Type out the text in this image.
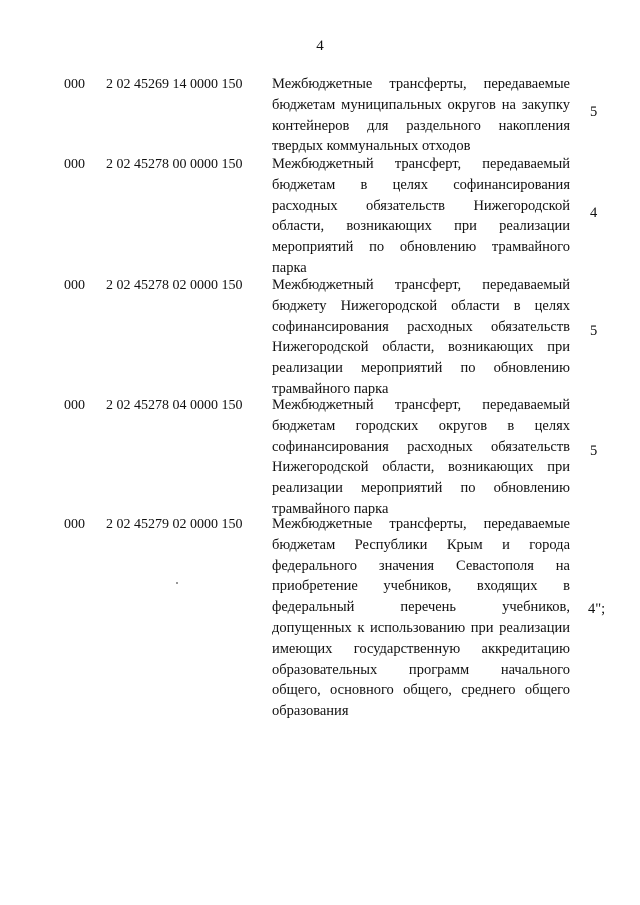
4
000 2 02 45269 14 0000 150 Межбюджетные трансферты, передаваемые
бюджетам муниципальных округов на закупку
контейнеров для раздельного накопления
твердых коммунальных отходов
5
000 2 02 45278 00 0000 150 Межбюджетный трансферт, передаваемый
бюджетам в целях софинансирования
расходных обязательств Нижегородской
области, возникающих при реализации
мероприятий по обновлению трамвайного
парка
4
000 2 02 45278 02 0000 150 Межбюджетный трансферт, передаваемый
бюджету Нижегородской области в целях
софинансирования расходных обязательств
Нижегородской области, возникающих при
реализации мероприятий по обновлению
трамвайного парка
5
000 2 02 45278 04 0000 150 Межбюджетный трансферт, передаваемый
бюджетам городских округов в целях
софинансирования расходных обязательств
Нижегородской области, возникающих при
реализации мероприятий по обновлению
трамвайного парка
5
000 2 02 45279 02 0000 150 Межбюджетные трансферты, передаваемые
бюджетам Республики Крым и города
федерального значения Севастополя на
приобретение учебников, входящих в
федеральный перечень учебников,
допущенных к использованию при реализации
имеющих государственную аккредитацию
образовательных программ начального
общего, основного общего, среднего общего
образования
4";
